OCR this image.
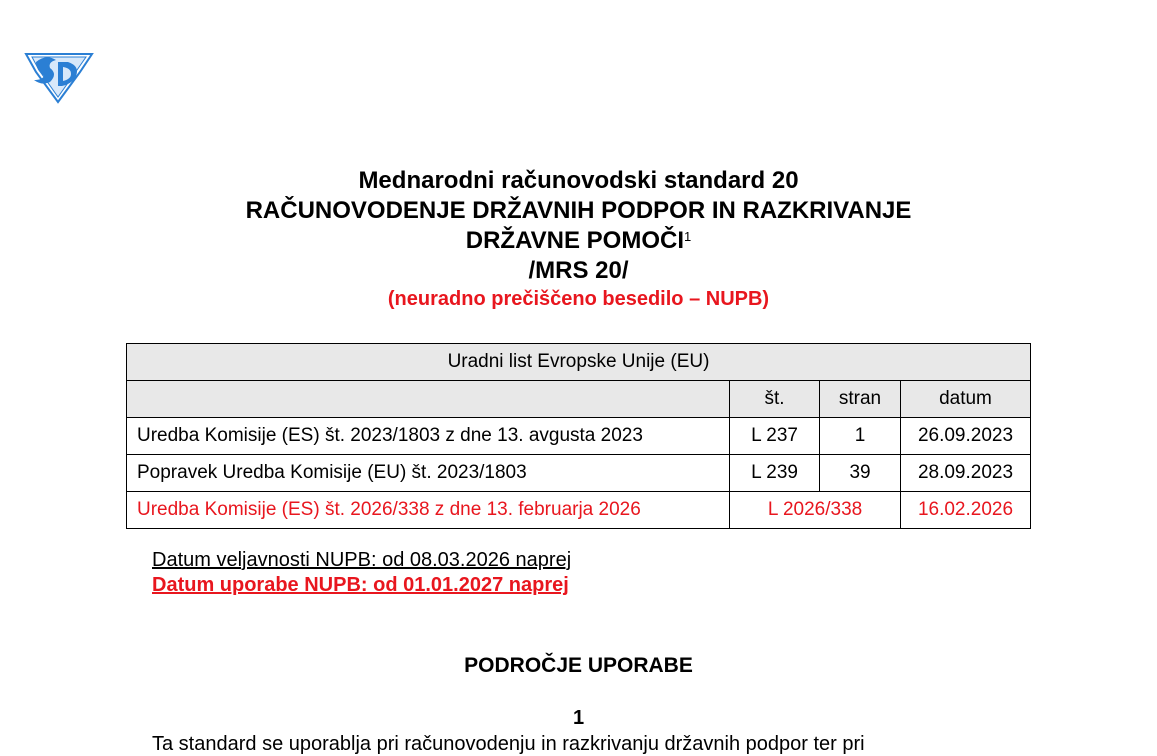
Mednarodni računovodski standard 20
RAČUNOVODENJE DRŽAVNIH PODPOR IN RAZKRIVANJE
DRŽAVNE POMOČI$^1$
/MRS 20/
(neuradno prečiščeno besedilo – NUPB)
Uradni list Evropske Unije (EU)			
	št.	stran	datum
Uredba Komisije (ES) št. 2023/1803 z dne 13. avgusta 2023	L 237	1	26.09.2023
Popravek Uredba Komisije (EU) št. 2023/1803	L 239	39	28.09.2023
Uredba Komisije (ES) št. 2026/338 z dne 13. februarja 2026	L 2026/338		16.02.2026
Datum veljavnosti NUPB: od 08.03.2026 naprej
Datum uporabe NUPB: od 01.01.2027 naprej
PODROČJE UPORABE
1
Ta standard se uporablja pri računovodenju in razkrivanju državnih podpor ter pri
